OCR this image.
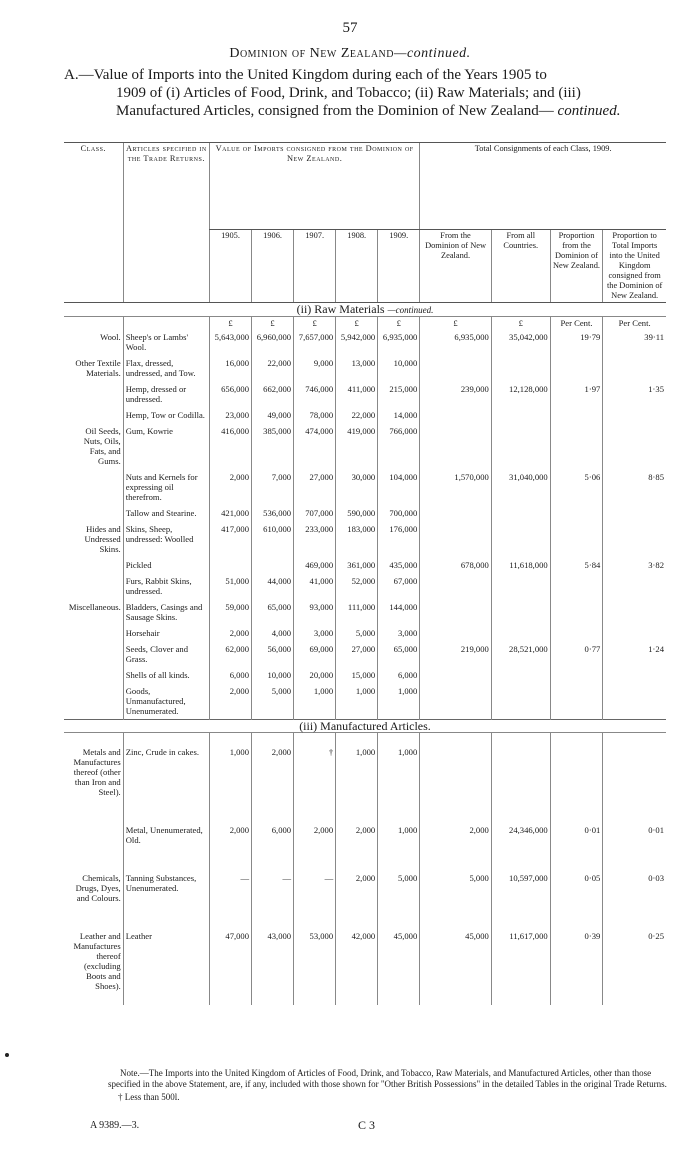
57
Dominion of New Zealand—continued.
A.—Value of Imports into the United Kingdom during each of the Years 1905 to
1909 of (i) Articles of Food, Drink, and Tobacco; (ii) Raw Materials; and (iii) Manufactured Articles, consigned from the Dominion of New Zealand— continued.
Class.	Articles specified in the Trade Returns.	Value of Imports consigned from the Dominion of New Zealand.					Total Consignments of each Class, 1909.			
		1905.	1906.	1907.	1908.	1909.	From the Dominion of New Zealand.	From all Countries.	Proportion from the Dominion of New Zealand.	Proportion to Total Imports into the United Kingdom consigned from the Dominion of New Zealand.
(ii) Raw Materials —continued.										
		£	£	£	£	£	£	£	Per Cent.	Per Cent.
Wool.	Sheep's or Lambs' Wool.	5,643,000	6,960,000	7,657,000	5,942,000	6,935,000	6,935,000	35,042,000	19·79	39·11
Other Textile Materials.	Flax, dressed, undressed, and Tow.	16,000	22,000	9,000	13,000	10,000				
	Hemp, dressed or undressed.	656,000	662,000	746,000	411,000	215,000	239,000	12,128,000	1·97	1·35
	Hemp, Tow or Codilla.	23,000	49,000	78,000	22,000	14,000				
Oil Seeds, Nuts, Oils, Fats, and Gums.	Gum, Kowrie	416,000	385,000	474,000	419,000	766,000				
	Nuts and Kernels for expressing oil therefrom.	2,000	7,000	27,000	30,000	104,000	1,570,000	31,040,000	5·06	8·85
	Tallow and Stearine.	421,000	536,000	707,000	590,000	700,000				
Hides and Undressed Skins.	Skins, Sheep, undressed: Woolled	417,000	610,000	233,000	183,000	176,000				
	Pickled			469,000	361,000	435,000	678,000	11,618,000	5·84	3·82
	Furs, Rabbit Skins, undressed.	51,000	44,000	41,000	52,000	67,000				
Miscellaneous.	Bladders, Casings and Sausage Skins.	59,000	65,000	93,000	111,000	144,000				
	Horsehair	2,000	4,000	3,000	5,000	3,000				
	Seeds, Clover and Grass.	62,000	56,000	69,000	27,000	65,000	219,000	28,521,000	0·77	1·24
	Shells of all kinds.	6,000	10,000	20,000	15,000	6,000				
	Goods, Unmanufactured, Unenumerated.	2,000	5,000	1,000	1,000	1,000				
(iii) Manufactured Articles.										
Metals and Manufactures thereof (other than Iron and Steel).	Zinc, Crude in cakes.	1,000	2,000	†	1,000	1,000				
	Metal, Unenumerated, Old.	2,000	6,000	2,000	2,000	1,000	2,000	24,346,000	0·01	0·01
Chemicals, Drugs, Dyes, and Colours.	Tanning Substances, Unenumerated.	—	—	—	2,000	5,000	5,000	10,597,000	0·05	0·03
Leather and Manufactures thereof (excluding Boots and Shoes).	Leather	47,000	43,000	53,000	42,000	45,000	45,000	11,617,000	0·39	0·25
Note.—The Imports into the United Kingdom of Articles of Food, Drink, and Tobacco, Raw Materials, and Manufactured Articles, other than those specified in the above Statement, are, if any, included with those shown for "Other British Possessions" in the detailed Tables in the original Trade Returns.
† Less than 500l.
A 9389.—3.	C 3
